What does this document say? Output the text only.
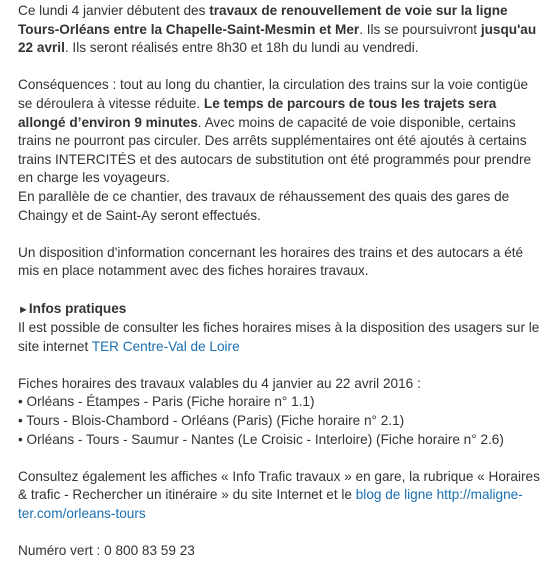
Ce lundi 4 janvier débutent des travaux de renouvellement de voie sur la ligne Tours-Orléans entre la Chapelle-Saint-Mesmin et Mer. Ils se poursuivront jusqu'au 22 avril. Ils seront réalisés entre 8h30 et 18h du lundi au vendredi.

Conséquences : tout au long du chantier, la circulation des trains sur la voie contigüe se déroulera à vitesse réduite. Le temps de parcours de tous les trajets sera allongé d’environ 9 minutes. Avec moins de capacité de voie disponible, certains trains ne pourront pas circuler. Des arrêts supplémentaires ont été ajoutés à certains trains INTERCITÉS et des autocars de substitution ont été programmés pour prendre en charge les voyageurs.

En parallèle de ce chantier, des travaux de réhaussement des quais des gares de Chaingy et de Saint-Ay seront effectués.

Un disposition d'information concernant les horaires des trains et des autocars a été mis en place notamment avec des fiches horaires travaux.

►Infos pratiques

Il est possible de consulter les fiches horaires mises à la disposition des usagers sur le site internet TER Centre-Val de Loire

Fiches horaires des travaux valables du 4 janvier au 22 avril 2016 :

• Orléans - Étampes - Paris (Fiche horaire n° 1.1)

• Tours - Blois-Chambord - Orléans (Paris) (Fiche horaire n° 2.1)

• Orléans - Tours - Saumur - Nantes (Le Croisic - Interloire) (Fiche horaire n° 2.6)

Consultez également les affiches « Info Trafic travaux » en gare, la rubrique « Horaires & trafic - Rechercher un itinéraire » du site Internet et le blog de ligne http://maligne-ter.com/orleans-tours

Numéro vert : 0 800 83 59 23
